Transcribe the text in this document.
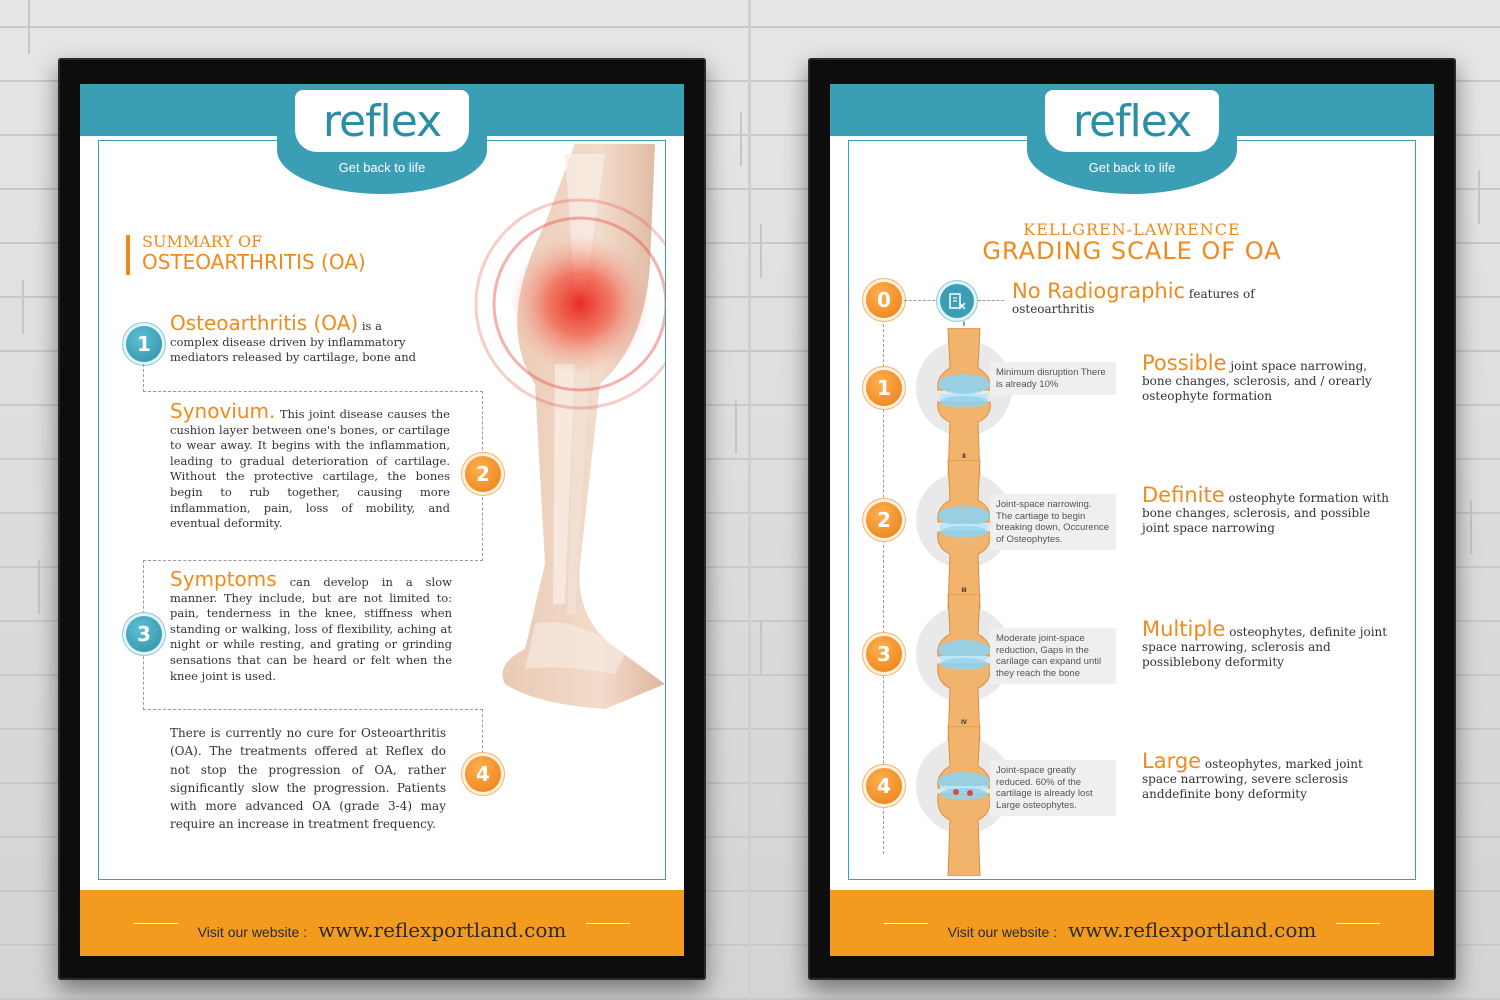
reflex
Get back to life
SUMMARY OF
OSTEOARTHRITIS (OA)
1
Osteoarthritis (OA) is a complex disease driven by inflammatory mediators released by cartilage, bone and
2
Synovium. This joint disease causes the cushion layer between one's bones, or cartilage to wear away. It begins with the inflammation, leading to gradual deterioration of cartilage. Without the protective cartilage, the bones begin to rub together, causing more inflammation, pain, loss of mobility, and eventual deformity.
3
Symptoms can develop in a slow manner. They include, but are not limited to: pain, tenderness in the knee, stiffness when standing or walking, loss of flexibility, aching at night or while resting, and grating or grinding sensations that can be heard or felt when the knee joint is used.
4
There is currently no cure for Osteoarthritis (OA). The treatments offered at Reflex do not stop the progression of OA, rather significantly slow the progression. Patients with more advanced OA (grade 3-4) may require an increase in treatment frequency.
Visit our website : www.reflexportland.com
reflex
Get back to life
KELLGREN-LAWRENCE
GRADING SCALE OF OA
0	No Radiographic features of osteoarthritis
1
I
Minimum disruption There is already 10%
Possible joint space narrowing, bone changes, sclerosis, and / orearly osteophyte formation
2
II
Joint-space narrowing. The cartiage to begin breaking down, Occurence of Osteophytes.
Definite osteophyte formation with bone changes, sclerosis, and possible joint space narrowing
3
III
Moderate joint-space reduction, Gaps in the carilage can expand until they reach the bone
Multiple osteophytes, definite joint space narrowing, sclerosis and possiblebony deformity
4
IV
Joint-space greatly reduced. 60% of the cartilage is already lost Large osteophytes.
Large osteophytes, marked joint space narrowing, severe sclerosis anddefinite bony deformity
Visit our website : www.reflexportland.com
